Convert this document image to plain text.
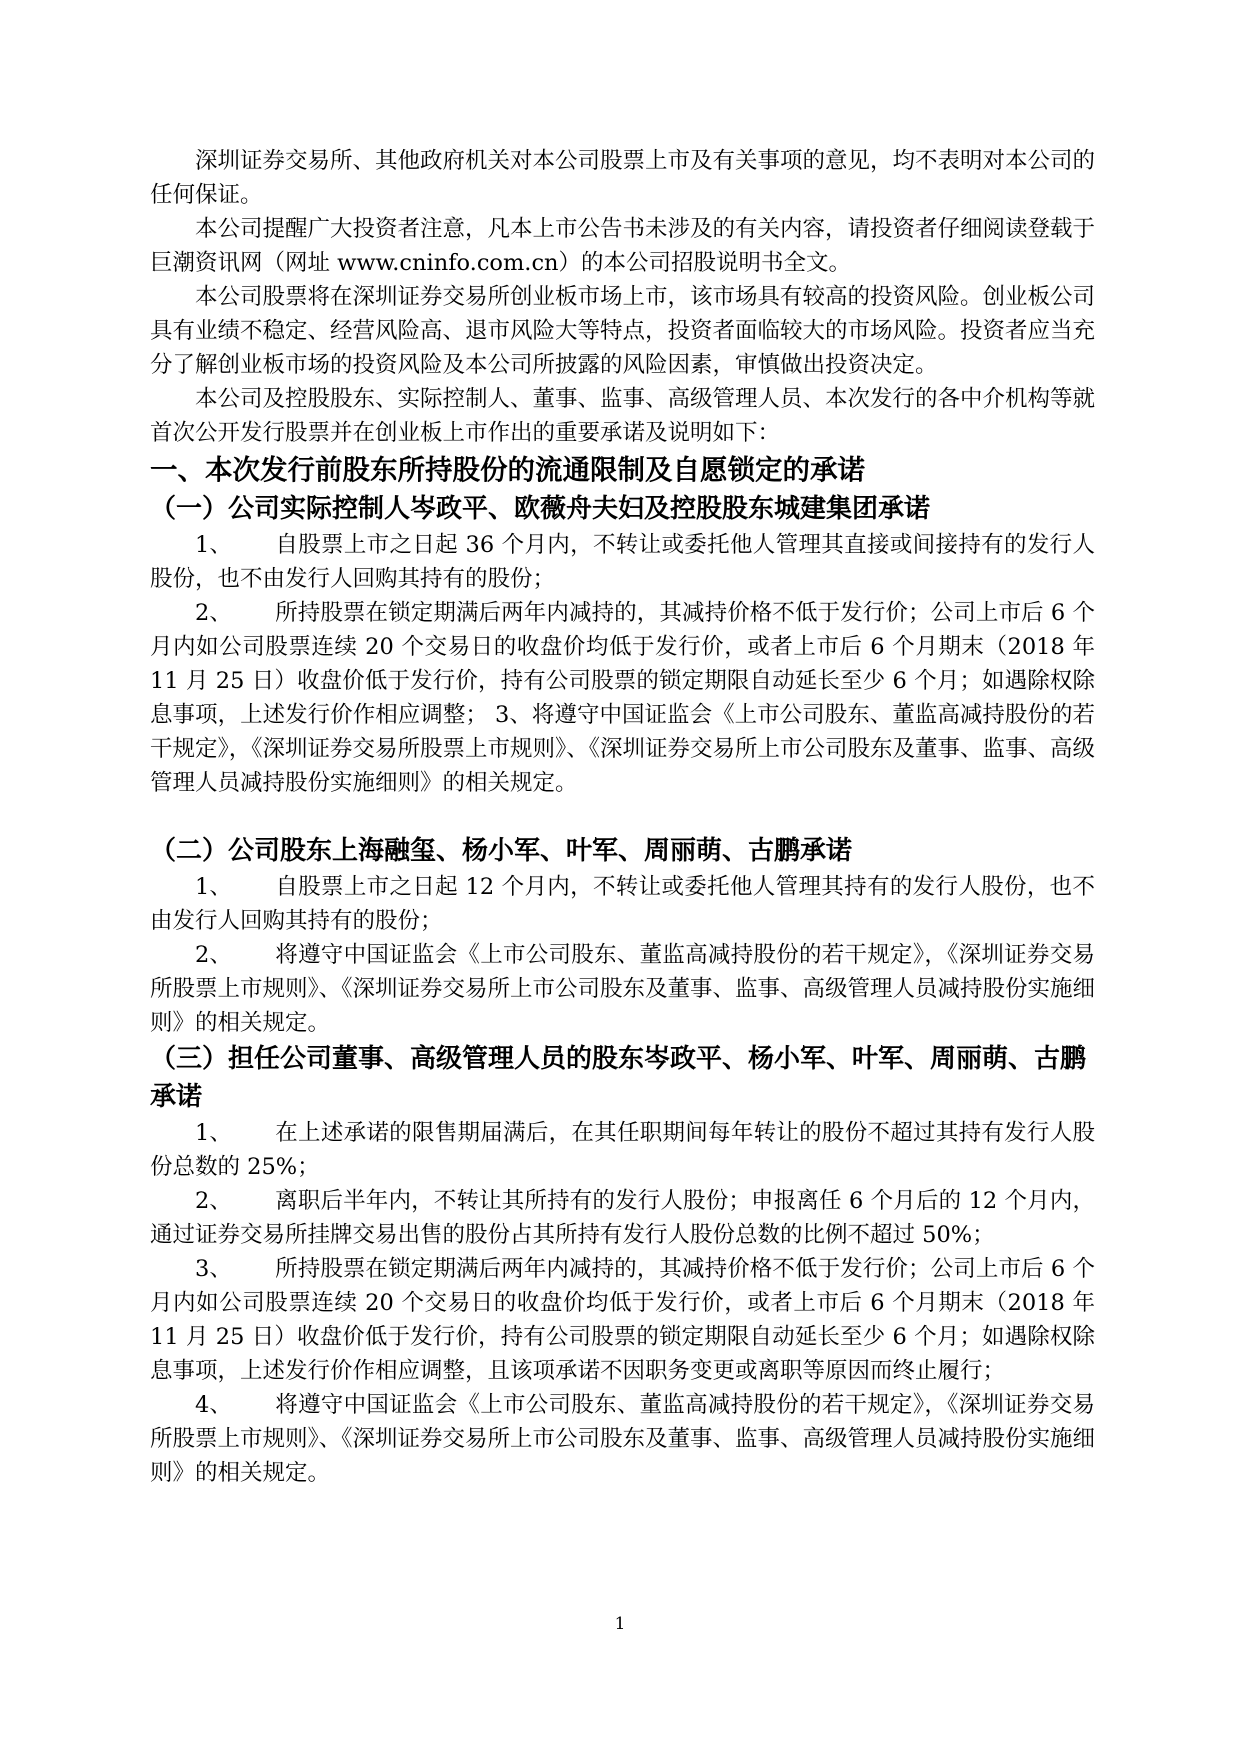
深圳证券交易所、其他政府机关对本公司股票上市及有关事项的意见，均不表明对本公司的任何保证。

本公司提醒广大投资者注意，凡本上市公告书未涉及的有关内容，请投资者仔细阅读登载于巨潮资讯网（网址 www.cninfo.com.cn）的本公司招股说明书全文。

本公司股票将在深圳证券交易所创业板市场上市，该市场具有较高的投资风险。创业板公司具有业绩不稳定、经营风险高、退市风险大等特点，投资者面临较大的市场风险。投资者应当充分了解创业板市场的投资风险及本公司所披露的风险因素，审慎做出投资决定。

本公司及控股股东、实际控制人、董事、监事、高级管理人员、本次发行的各中介机构等就首次公开发行股票并在创业板上市作出的重要承诺及说明如下：

一、本次发行前股东所持股份的流通限制及自愿锁定的承诺
（一）公司实际控制人岑政平、欧薇舟夫妇及控股股东城建集团承诺

1、 自股票上市之日起 36 个月内，不转让或委托他人管理其直接或间接持有的发行人股份，也不由发行人回购其持有的股份；

2、 所持股票在锁定期满后两年内减持的，其减持价格不低于发行价；公司上市后 6 个月内如公司股票连续 20 个交易日的收盘价均低于发行价，或者上市后 6 个月期末（2018 年 11 月 25 日）收盘价低于发行价，持有公司股票的锁定期限自动延长至少 6 个月；如遇除权除息事项，上述发行价作相应调整； 3、将遵守中国证监会《上市公司股东、董监高减持股份的若干规定》，《深圳证券交易所股票上市规则》、《深圳证券交易所上市公司股东及董事、监事、高级管理人员减持股份实施细则》的相关规定。

（二）公司股东上海融玺、杨小军、叶军、周丽萌、古鹏承诺

1、 自股票上市之日起 12 个月内，不转让或委托他人管理其持有的发行人股份，也不由发行人回购其持有的股份；

2、 将遵守中国证监会《上市公司股东、董监高减持股份的若干规定》，《深圳证券交易所股票上市规则》、《深圳证券交易所上市公司股东及董事、监事、高级管理人员减持股份实施细则》的相关规定。

（三）担任公司董事、高级管理人员的股东岑政平、杨小军、叶军、周丽萌、古鹏承诺

1、 在上述承诺的限售期届满后，在其任职期间每年转让的股份不超过其持有发行人股份总数的 25%；

2、 离职后半年内，不转让其所持有的发行人股份；申报离任 6 个月后的 12 个月内，通过证券交易所挂牌交易出售的股份占其所持有发行人股份总数的比例不超过 50%；

3、 所持股票在锁定期满后两年内减持的，其减持价格不低于发行价；公司上市后 6 个月内如公司股票连续 20 个交易日的收盘价均低于发行价，或者上市后 6 个月期末（2018 年 11 月 25 日）收盘价低于发行价，持有公司股票的锁定期限自动延长至少 6 个月；如遇除权除息事项，上述发行价作相应调整，且该项承诺不因职务变更或离职等原因而终止履行；

4、 将遵守中国证监会《上市公司股东、董监高减持股份的若干规定》，《深圳证券交易所股票上市规则》、《深圳证券交易所上市公司股东及董事、监事、高级管理人员减持股份实施细则》的相关规定。

1
